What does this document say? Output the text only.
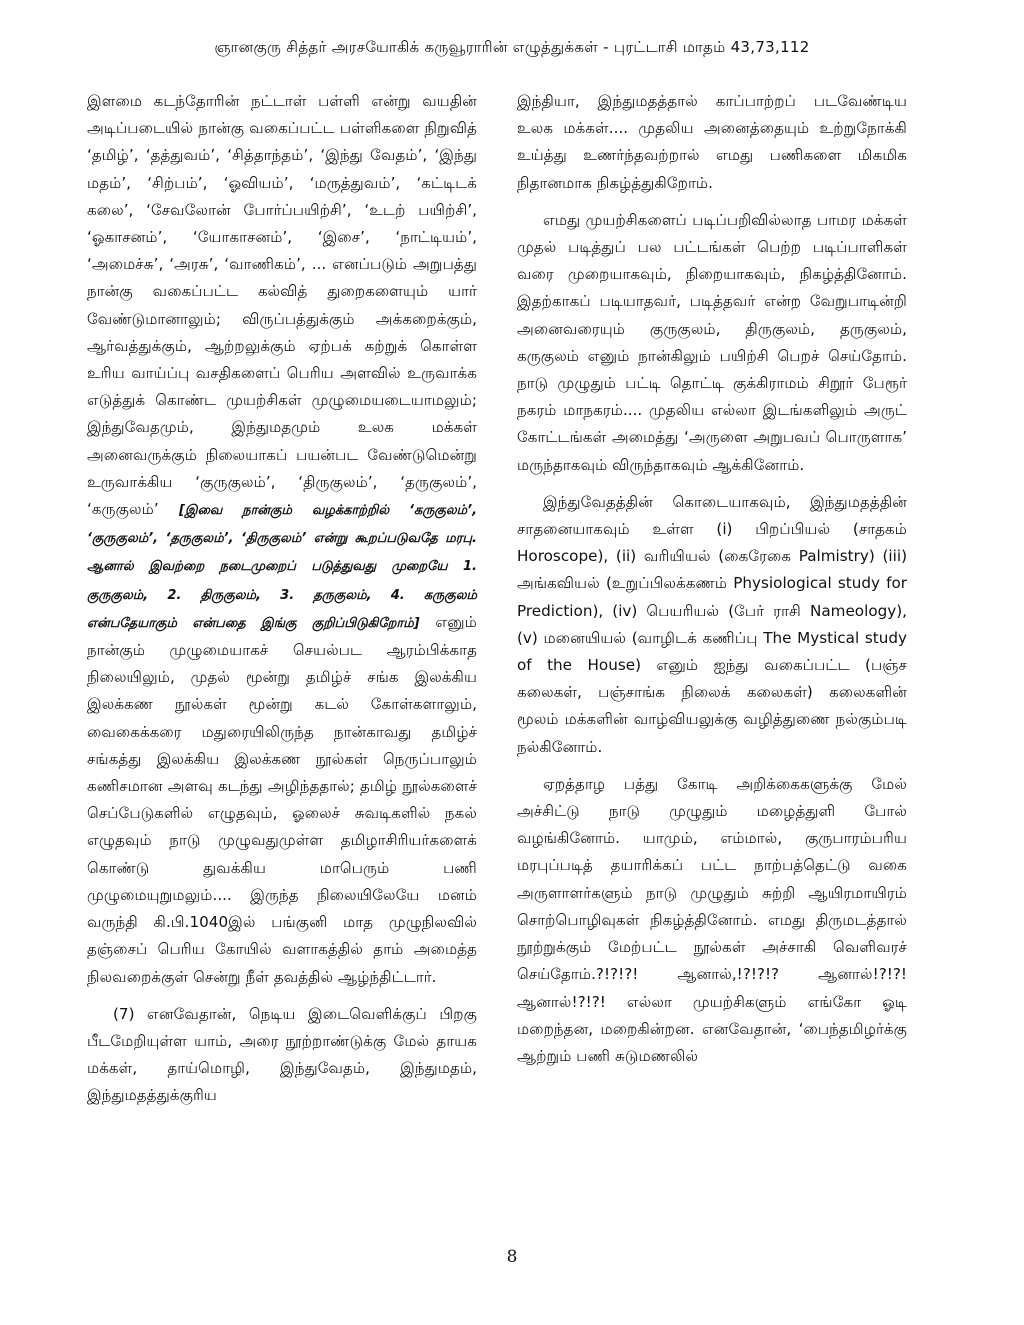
ஞானகுரு சித்தர் அரசயோகிக் கருவூராரின் எழுத்துக்கள் - புரட்டாசி மாதம் 43,73,112

இளமை கடந்தோரின் நட்டாள் பள்ளி என்று வயதின் அடிப்படையில் நான்கு வகைப்பட்ட பள்ளிகளை நிறுவித் ‘தமிழ்’, ‘தத்துவம்’, ‘சித்தாந்தம்’, ‘இந்து வேதம்’, ‘இந்து மதம்’, ‘சிற்பம்’, ‘ஓவியம்’, ‘மருத்துவம்’, ‘கட்டிடக் கலை’, ‘சேவலோன் போர்ப்பயிற்சி’, ‘உடற் பயிற்சி’, ‘ஓகாசனம்’, ‘யோகாசனம்’, ‘இசை’, ‘நாட்டியம்’, ‘அமைச்சு’, ‘அரசு’, ‘வாணிகம்’, ... எனப்படும் அறுபத்து நான்கு வகைப்பட்ட கல்வித் துறைகளையும் யார் வேண்டுமானாலும்; விருப்பத்துக்கும் அக்கறைக்கும், ஆர்வத்துக்கும், ஆற்றலுக்கும் ஏற்பக் கற்றுக் கொள்ள உரிய வாய்ப்பு வசதிகளைப் பெரிய அளவில் உருவாக்க எடுத்துக் கொண்ட முயற்சிகள் முழுமையடையாமலும்; இந்துவேதமும், இந்துமதமும் உலக மக்கள் அனைவருக்கும் நிலையாகப் பயன்பட வேண்டுமென்று உருவாக்கிய ‘குருகுலம்’, ‘திருகுலம்’, ‘தருகுலம்’, ‘கருகுலம்’ [இவை நான்கும் வழக்காற்றில் ‘கருகுலம்’, ‘குருகுலம்’, ‘தருகுலம்’, ‘திருகுலம்’ என்று கூறப்படுவதே மரபு. ஆனால் இவற்றை நடைமுறைப் படுத்துவது முறையே 1. குருகுலம், 2. திருகுலம், 3. தருகுலம், 4. கருகுலம் என்பதேயாகும் என்பதை இங்கு குறிப்பிடுகிறோம்] எனும் நான்கும் முழுமையாகச் செயல்பட ஆரம்பிக்காத நிலையிலும், முதல் மூன்று தமிழ்ச் சங்க இலக்கிய இலக்கண நூல்கள் மூன்று கடல் கோள்களாலும், வைகைக்கரை மதுரையிலிருந்த நான்காவது தமிழ்ச் சங்கத்து இலக்கிய இலக்கண நூல்கள் நெருப்பாலும் கணிசமான அளவு கடந்து அழிந்ததால்; தமிழ் நூல்களைச் செப்பேடுகளில் எழுதவும், ஓலைச் சுவடிகளில் நகல் எழுதவும் நாடு முழுவதுமுள்ள தமிழாசிரியர்களைக் கொண்டு துவக்கிய மாபெரும் பணி முழுமையுறுமலும்.... இருந்த நிலையிலேயே மனம் வருந்தி கி.பி.1040இல் பங்குனி மாத முழுநிலவில் தஞ்சைப் பெரிய கோயில் வளாகத்தில் தாம் அமைத்த நிலவறைக்குள் சென்று நீள் தவத்தில் ஆழ்ந்திட்டார்.

(7) எனவேதான், நெடிய இடைவெளிக்குப் பிறகு பீடமேறியுள்ள யாம், அரை நூற்றாண்டுக்கு மேல் தாயக மக்கள், தாய்மொழி, இந்துவேதம், இந்துமதம், இந்துமதத்துக்குரிய

இந்தியா, இந்துமதத்தால் காப்பாற்றப் படவேண்டிய உலக மக்கள்.... முதலிய அனைத்தையும் உற்றுநோக்கி உய்த்து உணர்ந்தவற்றால் எமது பணிகளை மிகமிக நிதானமாக நிகழ்த்துகிறோம்.

எமது முயற்சிகளைப் படிப்பறிவில்லாத பாமர மக்கள் முதல் படித்துப் பல பட்டங்கள் பெற்ற படிப்பாளிகள் வரை முறையாகவும், நிறையாகவும், நிகழ்த்தினோம். இதற்காகப் படியாதவர், படித்தவர் என்ற வேறுபாடின்றி அனைவரையும் குருகுலம், திருகுலம், தருகுலம், கருகுலம் எனும் நான்கிலும் பயிற்சி பெறச் செய்தோம். நாடு முழுதும் பட்டி தொட்டி குக்கிராமம் சிறூர் பேரூர் நகரம் மாநகரம்.... முதலிய எல்லா இடங்களிலும் அருட் கோட்டங்கள் அமைத்து ‘அருளை அறுபவப் பொருளாக’ மருந்தாகவும் விருந்தாகவும் ஆக்கினோம்.

இந்துவேதத்தின் கொடையாகவும், இந்துமதத்தின் சாதனையாகவும் உள்ள (i) பிறப்பியல் (சாதகம் Horoscope), (ii) வரியியல் (கைரேகை Palmistry) (iii) அங்கவியல் (உறுப்பிலக்கணம் Physiological study for Prediction), (iv) பெயரியல் (பேர் ராசி Nameology), (v) மனையியல் (வாழிடக் கணிப்பு The Mystical study of the House) எனும் ஐந்து வகைப்பட்ட (பஞ்ச கலைகள், பஞ்சாங்க நிலைக் கலைகள்) கலைகளின் மூலம் மக்களின் வாழ்வியலுக்கு வழித்துணை நல்கும்படி நல்கினோம்.

ஏறத்தாழ பத்து கோடி அறிக்கைகளுக்கு மேல் அச்சிட்டு நாடு முழுதும் மழைத்துளி போல் வழங்கினோம். யாமும், எம்மால், குருபாரம்பரிய மரபுப்படித் தயாரிக்கப் பட்ட நாற்பத்தெட்டு வகை அருளாளர்களும் நாடு முழுதும் சுற்றி ஆயிரமாயிரம் சொற்பொழிவுகள் நிகழ்த்தினோம். எமது திருமடத்தால் நூற்றுக்கும் மேற்பட்ட நூல்கள் அச்சாகி வெளிவரச் செய்தோம்.?!?!?! ஆனால்,!?!?!? ஆனால்!?!?! ஆனால்!?!?! எல்லா முயற்சிகளும் எங்கோ ஓடி மறைந்தன, மறைகின்றன. எனவேதான், ‘பைந்தமிழர்க்கு ஆற்றும் பணி சுடுமணலில்

8
